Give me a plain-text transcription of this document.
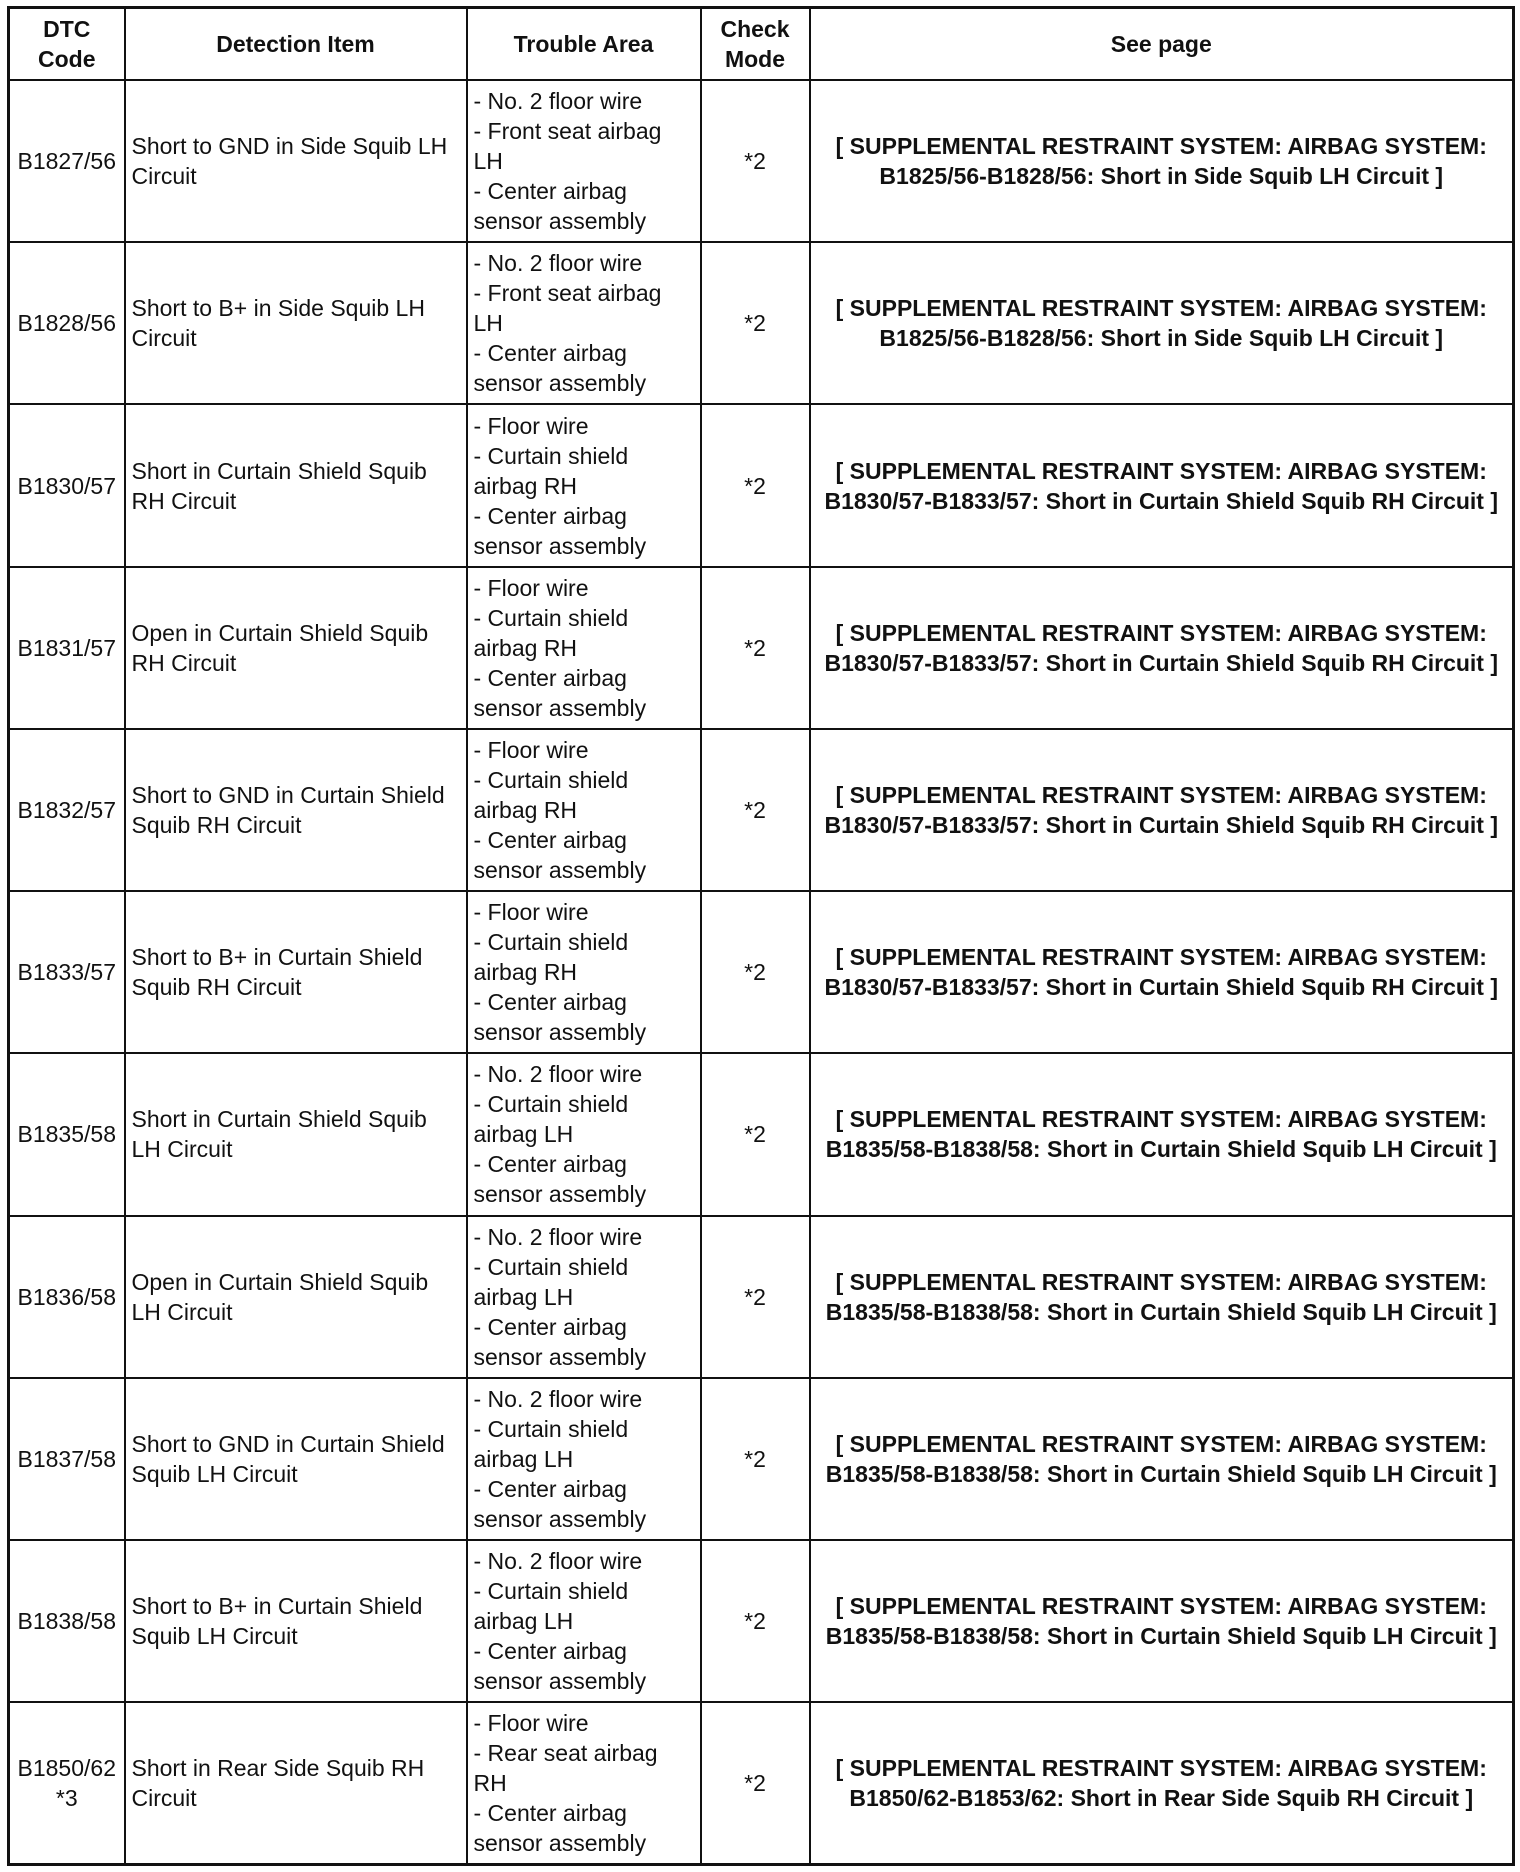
DTC Code	Detection Item	Trouble Area	Check Mode	See page
B1827/56	Short to GND in Side Squib LH Circuit	- No. 2 floor wire
- Front seat airbag LH
- Center airbag sensor assembly	*2	[ SUPPLEMENTAL RESTRAINT SYSTEM: AIRBAG SYSTEM: B1825/56-B1828/56: Short in Side Squib LH Circuit ]
B1828/56	Short to B+ in Side Squib LH Circuit	- No. 2 floor wire
- Front seat airbag LH
- Center airbag sensor assembly	*2	[ SUPPLEMENTAL RESTRAINT SYSTEM: AIRBAG SYSTEM: B1825/56-B1828/56: Short in Side Squib LH Circuit ]
B1830/57	Short in Curtain Shield Squib RH Circuit	- Floor wire
- Curtain shield airbag RH
- Center airbag sensor assembly	*2	[ SUPPLEMENTAL RESTRAINT SYSTEM: AIRBAG SYSTEM: B1830/57-B1833/57: Short in Curtain Shield Squib RH Circuit ]
B1831/57	Open in Curtain Shield Squib RH Circuit	- Floor wire
- Curtain shield airbag RH
- Center airbag sensor assembly	*2	[ SUPPLEMENTAL RESTRAINT SYSTEM: AIRBAG SYSTEM: B1830/57-B1833/57: Short in Curtain Shield Squib RH Circuit ]
B1832/57	Short to GND in Curtain Shield Squib RH Circuit	- Floor wire
- Curtain shield airbag RH
- Center airbag sensor assembly	*2	[ SUPPLEMENTAL RESTRAINT SYSTEM: AIRBAG SYSTEM: B1830/57-B1833/57: Short in Curtain Shield Squib RH Circuit ]
B1833/57	Short to B+ in Curtain Shield Squib RH Circuit	- Floor wire
- Curtain shield airbag RH
- Center airbag sensor assembly	*2	[ SUPPLEMENTAL RESTRAINT SYSTEM: AIRBAG SYSTEM: B1830/57-B1833/57: Short in Curtain Shield Squib RH Circuit ]
B1835/58	Short in Curtain Shield Squib LH Circuit	- No. 2 floor wire
- Curtain shield airbag LH
- Center airbag sensor assembly	*2	[ SUPPLEMENTAL RESTRAINT SYSTEM: AIRBAG SYSTEM: B1835/58-B1838/58: Short in Curtain Shield Squib LH Circuit ]
B1836/58	Open in Curtain Shield Squib LH Circuit	- No. 2 floor wire
- Curtain shield airbag LH
- Center airbag sensor assembly	*2	[ SUPPLEMENTAL RESTRAINT SYSTEM: AIRBAG SYSTEM: B1835/58-B1838/58: Short in Curtain Shield Squib LH Circuit ]
B1837/58	Short to GND in Curtain Shield Squib LH Circuit	- No. 2 floor wire
- Curtain shield airbag LH
- Center airbag sensor assembly	*2	[ SUPPLEMENTAL RESTRAINT SYSTEM: AIRBAG SYSTEM: B1835/58-B1838/58: Short in Curtain Shield Squib LH Circuit ]
B1838/58	Short to B+ in Curtain Shield Squib LH Circuit	- No. 2 floor wire
- Curtain shield airbag LH
- Center airbag sensor assembly	*2	[ SUPPLEMENTAL RESTRAINT SYSTEM: AIRBAG SYSTEM: B1835/58-B1838/58: Short in Curtain Shield Squib LH Circuit ]
B1850/62
*3	Short in Rear Side Squib RH Circuit	- Floor wire
- Rear seat airbag RH
- Center airbag sensor assembly	*2	[ SUPPLEMENTAL RESTRAINT SYSTEM: AIRBAG SYSTEM: B1850/62-B1853/62: Short in Rear Side Squib RH Circuit ]
